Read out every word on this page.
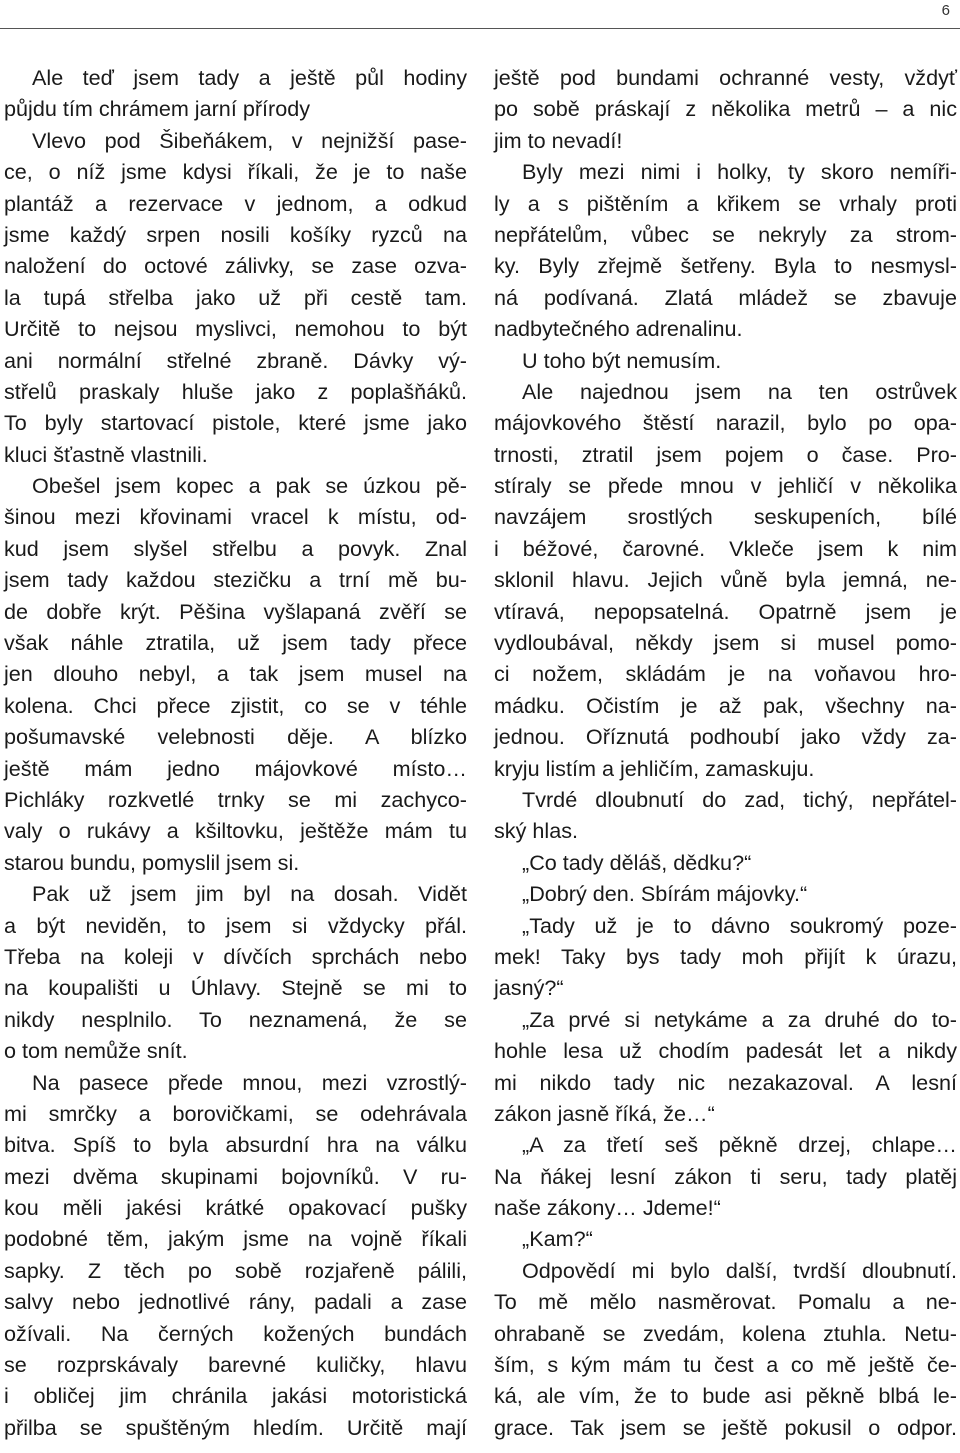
6
Ale teď jsem tady a ještě půl hodiny
půjdu tím chrámem jarní přírody
Vlevo pod Šibeňákem, v nejnižší pase-
ce, o níž jsme kdysi říkali, že je to naše
plantáž a rezervace v jednom, a odkud
jsme každý srpen nosili košíky ryzců na
naložení do octové zálivky, se zase ozva-
la tupá střelba jako už při cestě tam.
Určitě to nejsou myslivci, nemohou to být
ani normální střelné zbraně. Dávky vý-
střelů praskaly hluše jako z poplašňáků.
To byly startovací pistole, které jsme jako
kluci šťastně vlastnili.
Obešel jsem kopec a pak se úzkou pě-
šinou mezi křovinami vracel k místu, od-
kud jsem slyšel střelbu a povyk. Znal
jsem tady každou stezičku a trní mě bu-
de dobře krýt. Pěšina vyšlapaná zvěří se
však náhle ztratila, už jsem tady přece
jen dlouho nebyl, a tak jsem musel na
kolena. Chci přece zjistit, co se v téhle
pošumavské velebnosti děje. A blízko
ještě mám jedno májovkové místo…
Pichláky rozkvetlé trnky se mi zachyco-
valy o rukávy a kšiltovku, ještěže mám tu
starou bundu, pomyslil jsem si.
Pak už jsem jim byl na dosah. Vidět
a být neviděn, to jsem si vždycky přál.
Třeba na koleji v dívčích sprchách nebo
na koupališti u Úhlavy. Stejně se mi to
nikdy nesplnilo. To neznamená, že se
o tom nemůže snít.
Na pasece přede mnou, mezi vzrostlý-
mi smrčky a borovičkami, se odehrávala
bitva. Spíš to byla absurdní hra na válku
mezi dvěma skupinami bojovníků. V ru-
kou měli jakési krátké opakovací pušky
podobné těm, jakým jsme na vojně říkali
sapky. Z těch po sobě rozjařeně pálili,
salvy nebo jednotlivé rány, padali a zase
ožívali. Na černých kožených bundách
se rozprskávaly barevné kuličky, hlavu
i obličej jim chránila jakási motoristická
přilba se spuštěným hledím. Určitě mají
ještě pod bundami ochranné vesty, vždyť
po sobě práskají z několika metrů – a nic
jim to nevadí!
Byly mezi nimi i holky, ty skoro nemíři-
ly a s pištěním a křikem se vrhaly proti
nepřátelům, vůbec se nekryly za strom-
ky. Byly zřejmě šetřeny. Byla to nesmysl-
ná podívaná. Zlatá mládež se zbavuje
nadbytečného adrenalinu.
U toho být nemusím.
Ale najednou jsem na ten ostrůvek
májovkového štěstí narazil, bylo po opa-
trnosti, ztratil jsem pojem o čase. Pro-
stíraly se přede mnou v jehličí v několika
navzájem srostlých seskupeních, bílé
i béžové, čarovné. Vkleče jsem k nim
sklonil hlavu. Jejich vůně byla jemná, ne-
vtíravá, nepopsatelná. Opatrně jsem je
vydloubával, někdy jsem si musel pomo-
ci nožem, skládám je na voňavou hro-
mádku. Očistím je až pak, všechny na-
jednou. Oříznutá podhoubí jako vždy za-
kryju listím a jehličím, zamaskuju.
Tvrdé dloubnutí do zad, tichý, nepřátel-
ský hlas.
„Co tady děláš, dědku?“
„Dobrý den. Sbírám májovky.“
„Tady už je to dávno soukromý poze-
mek! Taky bys tady moh přijít k úrazu,
jasný?“
„Za prvé si netykáme a za druhé do to-
hohle lesa už chodím padesát let a nikdy
mi nikdo tady nic nezakazoval. A lesní
zákon jasně říká, že…“
„A za třetí seš pěkně drzej, chlape…
Na ňákej lesní zákon ti seru, tady platěj
naše zákony… Jdeme!“
„Kam?“
Odpovědí mi bylo další, tvrdší dloubnutí.
To mě mělo nasměrovat. Pomalu a ne-
ohrabaně se zvedám, kolena ztuhla. Netu-
ším, s kým mám tu čest a co mě ještě če-
ká, ale vím, že to bude asi pěkně blbá le-
grace. Tak jsem se ještě pokusil o odpor.
